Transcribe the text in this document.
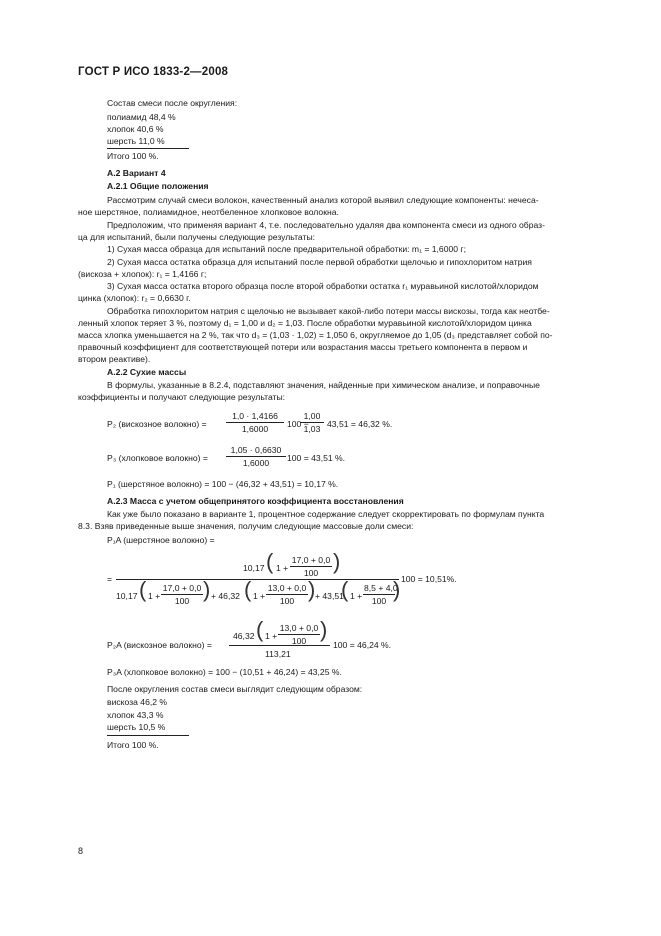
ГОСТ Р ИСО 1833-2—2008
Состав смеси после округления:
полиамид 48,4 %
хлопок 40,6 %
шерсть 11,0 %
Итого 100 %.
А.2 Вариант 4
А.2.1 Общие положения
Рассмотрим случай смеси волокон, качественный анализ которой выявил следующие компоненты: нечеса-
ное шерстяное, полиамидное, неотбеленное хлопковое волокна.
Предположим, что применяя вариант 4, т.е. последовательно удаляя два компонента смеси из одного образ-
ца для испытаний, были получены следующие результаты:
1) Сухая масса образца для испытаний после предварительной обработки: m₁ = 1,6000 г;
2) Сухая масса остатка образца для испытаний после первой обработки щелочью и гипохлоритом натрия
(вискоза + хлопок): r₁ = 1,4166 г;
3) Сухая масса остатка второго образца после второй обработки остатка r₁ муравьиной кислотой/хлоридом
цинка (хлопок): r₂ = 0,6630 г.
Обработка гипохлоритом натрия с щелочью не вызывает какой-либо потери массы вискозы, тогда как неотбе-
ленный хлопок теряет 3 %, поэтому d₁ = 1,00 и d₂ = 1,03. После обработки муравьиной кислотой/хлоридом цинка
масса хлопка уменьшается на 2 %, так что d₃ = (1,03 · 1,02) = 1,050 6, округляемое до 1,05 (d₃ представляет собой по-
правочный коэффициент для соответствующей потери или возрастания массы третьего компонента в первом и
втором реактиве).
А.2.2 Сухие массы
В формулы, указанные в 8.2.4, подставляют значения, найденные при химическом анализе, и поправочные
коэффициенты и получают следующие результаты:
P₂ (вискозное волокно) = $\frac{1,0 \cdot 1,4166}{1,6000} 100$ −
$\frac{1,00}{1,03} 43,51 = 46,32$ %.
P₃ (хлопковое волокно) = $\frac{1,05 \cdot 0,6630}{1,6000} 100 = 43,51$ %.
P₁ (шерстяное волокно) = 100 − (46,32 + 43,51) = 10,17 %.
А.2.3 Масса с учетом общепринятого коэффициента восстановления
Как уже было показано в варианте 1, процентное содержание следует скорректировать по формулам пункта
8.3. Взяв приведенные выше значения, получим следующие массовые доли смеси:
P₁A (шерстяное волокно) =
10,17 ( $1 + \frac{17,0 + 0,0}{100}$ )
=	100 = 10,51%.
10,17 ( $1 + \frac{17,0 + 0,0}{100}$ ) + 46,32 ( $1 + \frac{13,0 + 0,0}{100}$ ) + 43,51
( $1 + \frac{8,5 + 4,0}{100}$
)
46,32 ( $1 + \frac{13,0 + 0,0}{100}$ )
P₂A (вискозное волокно) =
113,21
100 = 46,24 %.
P₃A (хлопковое волокно) = 100 − (10,51 + 46,24) = 43,25 %.
После округления состав смеси выглядит следующим образом:
вискоза 46,2 %
хлопок 43,3 %
шерсть 10,5 %
Итого 100 %.
8
